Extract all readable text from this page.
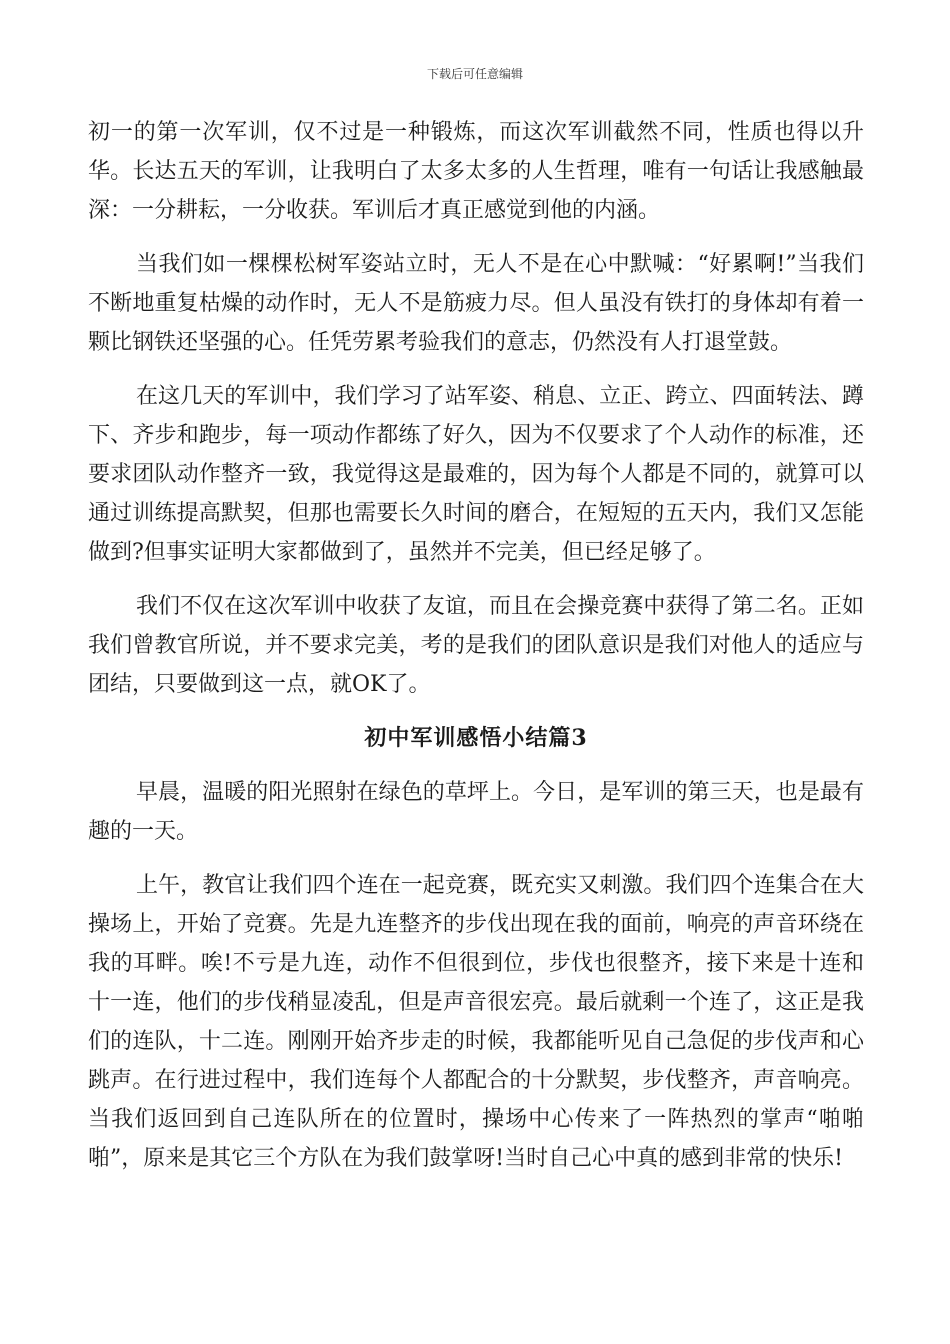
下载后可任意编辑

初一的第一次军训，仅不过是一种锻炼，而这次军训截然不同，性质也得以升华。长达五天的军训，让我明白了太多太多的人生哲理，唯有一句话让我感触最深：一分耕耘，一分收获。军训后才真正感觉到他的内涵。

当我们如一棵棵松树军姿站立时，无人不是在心中默喊：“好累啊!”当我们不断地重复枯燥的动作时，无人不是筋疲力尽。但人虽没有铁打的身体却有着一颗比钢铁还坚强的心。任凭劳累考验我们的意志，仍然没有人打退堂鼓。

在这几天的军训中，我们学习了站军姿、稍息、立正、跨立、四面转法、蹲下、齐步和跑步，每一项动作都练了好久，因为不仅要求了个人动作的标准，还要求团队动作整齐一致，我觉得这是最难的，因为每个人都是不同的，就算可以通过训练提高默契，但那也需要长久时间的磨合，在短短的五天内，我们又怎能做到?但事实证明大家都做到了，虽然并不完美，但已经足够了。

我们不仅在这次军训中收获了友谊，而且在会操竞赛中获得了第二名。正如我们曾教官所说，并不要求完美，考的是我们的团队意识是我们对他人的适应与团结，只要做到这一点，就OK了。

初中军训感悟小结篇3

早晨，温暖的阳光照射在绿色的草坪上。今日，是军训的第三天，也是最有趣的一天。

上午，教官让我们四个连在一起竞赛，既充实又刺激。我们四个连集合在大操场上，开始了竞赛。先是九连整齐的步伐出现在我的面前，响亮的声音环绕在我的耳畔。唉!不亏是九连，动作不但很到位，步伐也很整齐，接下来是十连和十一连，他们的步伐稍显凌乱，但是声音很宏亮。最后就剩一个连了，这正是我们的连队，十二连。刚刚开始齐步走的时候，我都能听见自己急促的步伐声和心跳声。在行进过程中，我们连每个人都配合的十分默契，步伐整齐，声音响亮。当我们返回到自己连队所在的位置时，操场中心传来了一阵热烈的掌声“啪啪啪”，原来是其它三个方队在为我们鼓掌呀!当时自己心中真的感到非常的快乐!
